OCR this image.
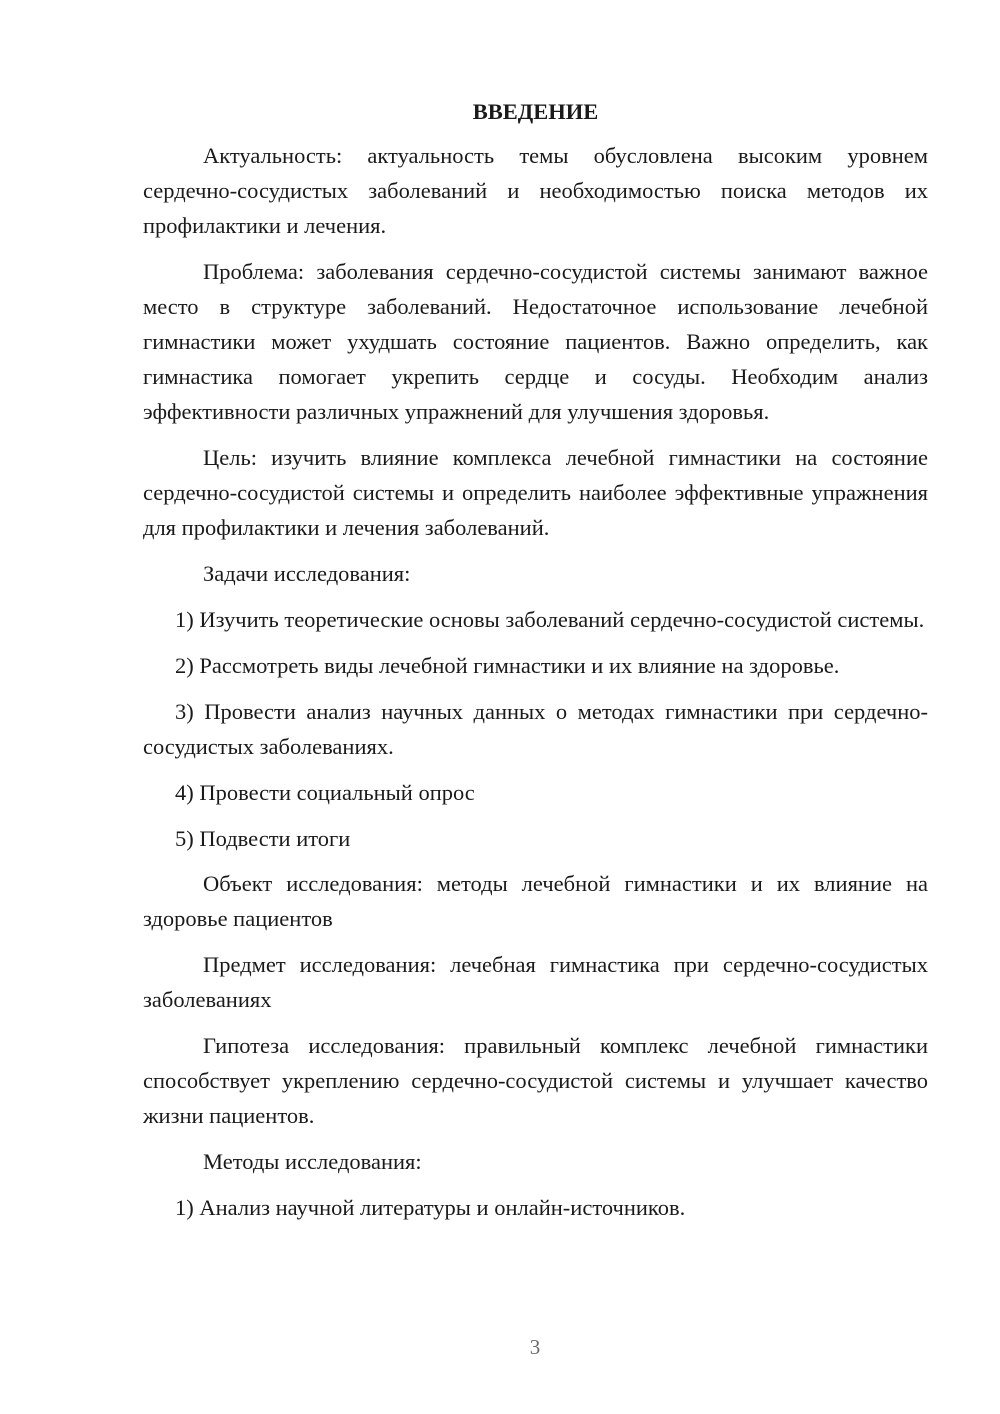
ВВЕДЕНИЕ

Актуальность: актуальность темы обусловлена высоким уровнем сердечно-сосудистых заболеваний и необходимостью поиска методов их профилактики и лечения.

Проблема: заболевания сердечно-сосудистой системы занимают важное место в структуре заболеваний. Недостаточное использование лечебной гимнастики может ухудшать состояние пациентов. Важно определить, как гимнастика помогает укрепить сердце и сосуды. Необходим анализ эффективности различных упражнений для улучшения здоровья.

Цель: изучить влияние комплекса лечебной гимнастики на состояние сердечно-сосудистой системы и определить наиболее эффективные упражнения для профилактики и лечения заболеваний.

Задачи исследования:

1) Изучить теоретические основы заболеваний сердечно-сосудистой системы.

2) Рассмотреть виды лечебной гимнастики и их влияние на здоровье.

3) Провести анализ научных данных о методах гимнастики при сердечно-сосудистых заболеваниях.

4) Провести социальный опрос

5) Подвести итоги

Объект исследования: методы лечебной гимнастики и их влияние на здоровье пациентов

Предмет исследования: лечебная гимнастика при сердечно-сосудистых заболеваниях

Гипотеза исследования: правильный комплекс лечебной гимнастики способствует укреплению сердечно-сосудистой системы и улучшает качество жизни пациентов.

Методы исследования:

1) Анализ научной литературы и онлайн-источников.

3
